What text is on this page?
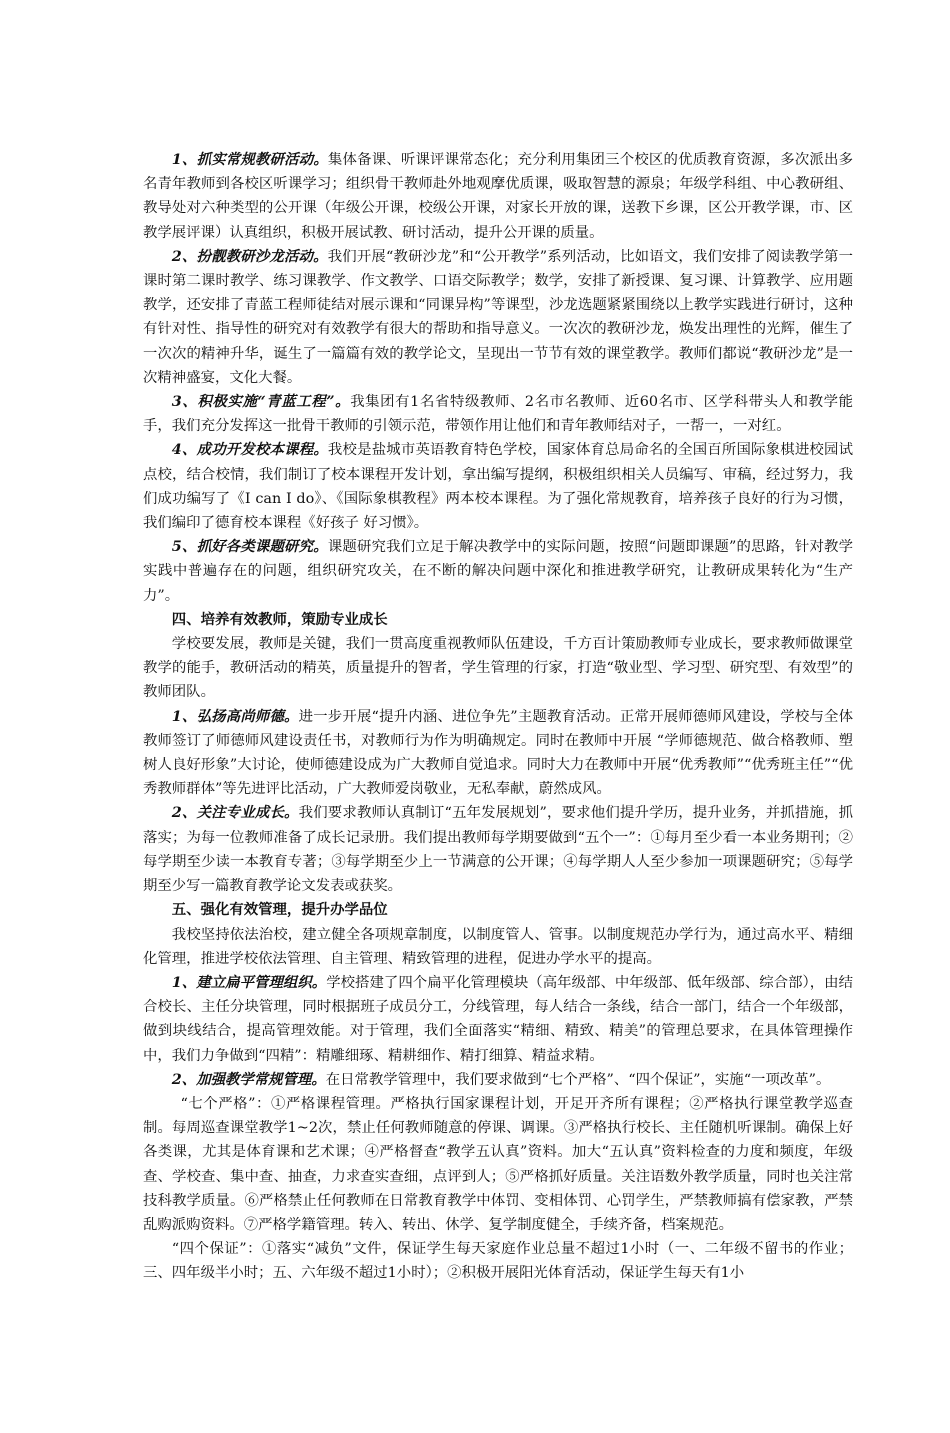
1、抓实常规教研活动。集体备课、听课评课常态化；充分利用集团三个校区的优质教育资源，多次派出多名青年教师到各校区听课学习；组织骨干教师赴外地观摩优质课，吸取智慧的源泉；年级学科组、中心教研组、教导处对六种类型的公开课（年级公开课，校级公开课，对家长开放的课，送教下乡课，区公开教学课，市、区教学展评课）认真组织，积极开展试教、研讨活动，提升公开课的质量。

2、扮靓教研沙龙活动。我们开展“教研沙龙”和“公开教学”系列活动，比如语文，我们安排了阅读教学第一课时第二课时教学、练习课教学、作文教学、口语交际教学；数学，安排了新授课、复习课、计算教学、应用题教学，还安排了青蓝工程师徒结对展示课和“同课异构”等课型，沙龙选题紧紧围绕以上教学实践进行研讨，这种有针对性、指导性的研究对有效教学有很大的帮助和指导意义。一次次的教研沙龙，焕发出理性的光辉，催生了一次次的精神升华，诞生了一篇篇有效的教学论文，呈现出一节节有效的课堂教学。教师们都说“教研沙龙”是一次精神盛宴，文化大餐。

3、积极实施“青蓝工程”。我集团有1名省特级教师、2名市名教师、近60名市、区学科带头人和教学能手，我们充分发挥这一批骨干教师的引领示范，带领作用让他们和青年教师结对子，一帮一，一对红。

4、成功开发校本课程。我校是盐城市英语教育特色学校，国家体育总局命名的全国百所国际象棋进校园试点校，结合校情，我们制订了校本课程开发计划，拿出编写提纲，积极组织相关人员编写、审稿，经过努力，我们成功编写了《I can I do》、《国际象棋教程》两本校本课程。为了强化常规教育，培养孩子良好的行为习惯，我们编印了德育校本课程《好孩子 好习惯》。

5、抓好各类课题研究。课题研究我们立足于解决教学中的实际问题，按照“问题即课题”的思路，针对教学实践中普遍存在的问题，组织研究攻关，在不断的解决问题中深化和推进教学研究，让教研成果转化为“生产力”。

四、培养有效教师，策励专业成长

学校要发展，教师是关键，我们一贯高度重视教师队伍建设，千方百计策励教师专业成长，要求教师做课堂教学的能手，教研活动的精英，质量提升的智者，学生管理的行家，打造“敬业型、学习型、研究型、有效型”的教师团队。

1、弘扬高尚师德。进一步开展“提升内涵、进位争先”主题教育活动。正常开展师德师风建设，学校与全体教师签订了师德师风建设责任书，对教师行为作为明确规定。同时在教师中开展 “学师德规范、做合格教师、塑树人良好形象”大讨论，使师德建设成为广大教师自觉追求。同时大力在教师中开展“优秀教师”“优秀班主任”“优秀教师群体”等先进评比活动，广大教师爱岗敬业，无私奉献，蔚然成风。

2、关注专业成长。我们要求教师认真制订“五年发展规划”，要求他们提升学历，提升业务，并抓措施，抓落实；为每一位教师准备了成长记录册。我们提出教师每学期要做到“五个一”：①每月至少看一本业务期刊；②每学期至少读一本教育专著；③每学期至少上一节满意的公开课；④每学期人人至少参加一项课题研究；⑤每学期至少写一篇教育教学论文发表或获奖。

五、强化有效管理，提升办学品位

我校坚持依法治校，建立健全各项规章制度，以制度管人、管事。以制度规范办学行为，通过高水平、精细化管理，推进学校依法管理、自主管理、精致管理的进程，促进办学水平的提高。

1、建立扁平管理组织。学校搭建了四个扁平化管理模块（高年级部、中年级部、低年级部、综合部），由结合校长、主任分块管理，同时根据班子成员分工，分线管理，每人结合一条线，结合一部门，结合一个年级部，做到块线结合，提高管理效能。对于管理，我们全面落实“精细、精致、精美”的管理总要求，在具体管理操作中，我们力争做到“四精”：精雕细琢、精耕细作、精打细算、精益求精。

2、加强教学常规管理。在日常教学管理中，我们要求做到“七个严格”、“四个保证”，实施“一项改革”。

“七个严格”：①严格课程管理。严格执行国家课程计划，开足开齐所有课程；②严格执行课堂教学巡查制。每周巡查课堂教学1~2次，禁止任何教师随意的停课、调课。③严格执行校长、主任随机听课制。确保上好各类课，尤其是体育课和艺术课；④严格督查“教学五认真”资料。加大“五认真”资料检查的力度和频度，年级查、学校查、集中查、抽查，力求查实查细，点评到人；⑤严格抓好质量。关注语数外教学质量，同时也关注常技科教学质量。⑥严格禁止任何教师在日常教育教学中体罚、变相体罚、心罚学生，严禁教师搞有偿家教，严禁乱购派购资料。⑦严格学籍管理。转入、转出、休学、复学制度健全，手续齐备，档案规范。

“四个保证”：①落实“减负”文件，保证学生每天家庭作业总量不超过1小时（一、二年级不留书的作业；三、四年级半小时；五、六年级不超过1小时）；②积极开展阳光体育活动，保证学生每天有1小
